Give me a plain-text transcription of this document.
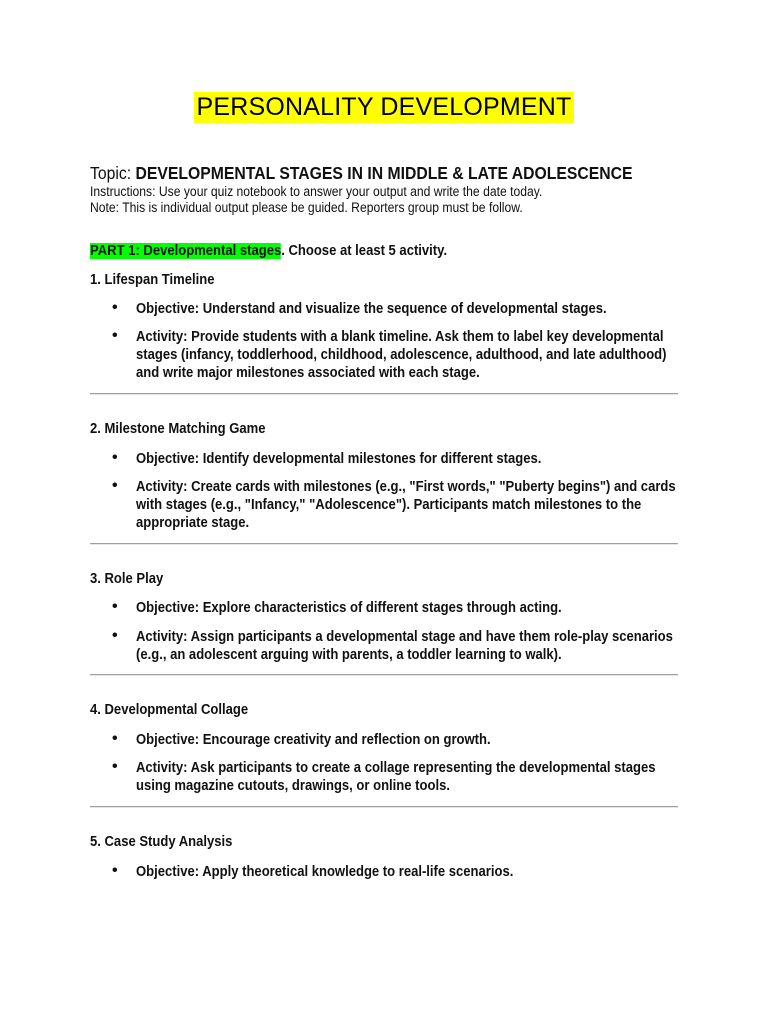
PERSONALITY DEVELOPMENT
Topic: DEVELOPMENTAL STAGES IN IN MIDDLE & LATE ADOLESCENCE
Instructions: Use your quiz notebook to answer your output and write the date today.
Note: This is individual output please be guided. Reporters group must be follow.
PART 1: Developmental stages. Choose at least 5 activity.
1. Lifespan Timeline
• Objective: Understand and visualize the sequence of developmental stages.
• Activity: Provide students with a blank timeline. Ask them to label key developmental stages (infancy, toddlerhood, childhood, adolescence, adulthood, and late adulthood) and write major milestones associated with each stage.
2. Milestone Matching Game
• Objective: Identify developmental milestones for different stages.
• Activity: Create cards with milestones (e.g., "First words," "Puberty begins") and cards with stages (e.g., "Infancy," "Adolescence"). Participants match milestones to the appropriate stage.
3. Role Play
• Objective: Explore characteristics of different stages through acting.
• Activity: Assign participants a developmental stage and have them role-play scenarios (e.g., an adolescent arguing with parents, a toddler learning to walk).
4. Developmental Collage
• Objective: Encourage creativity and reflection on growth.
• Activity: Ask participants to create a collage representing the developmental stages using magazine cutouts, drawings, or online tools.
5. Case Study Analysis
• Objective: Apply theoretical knowledge to real-life scenarios.
